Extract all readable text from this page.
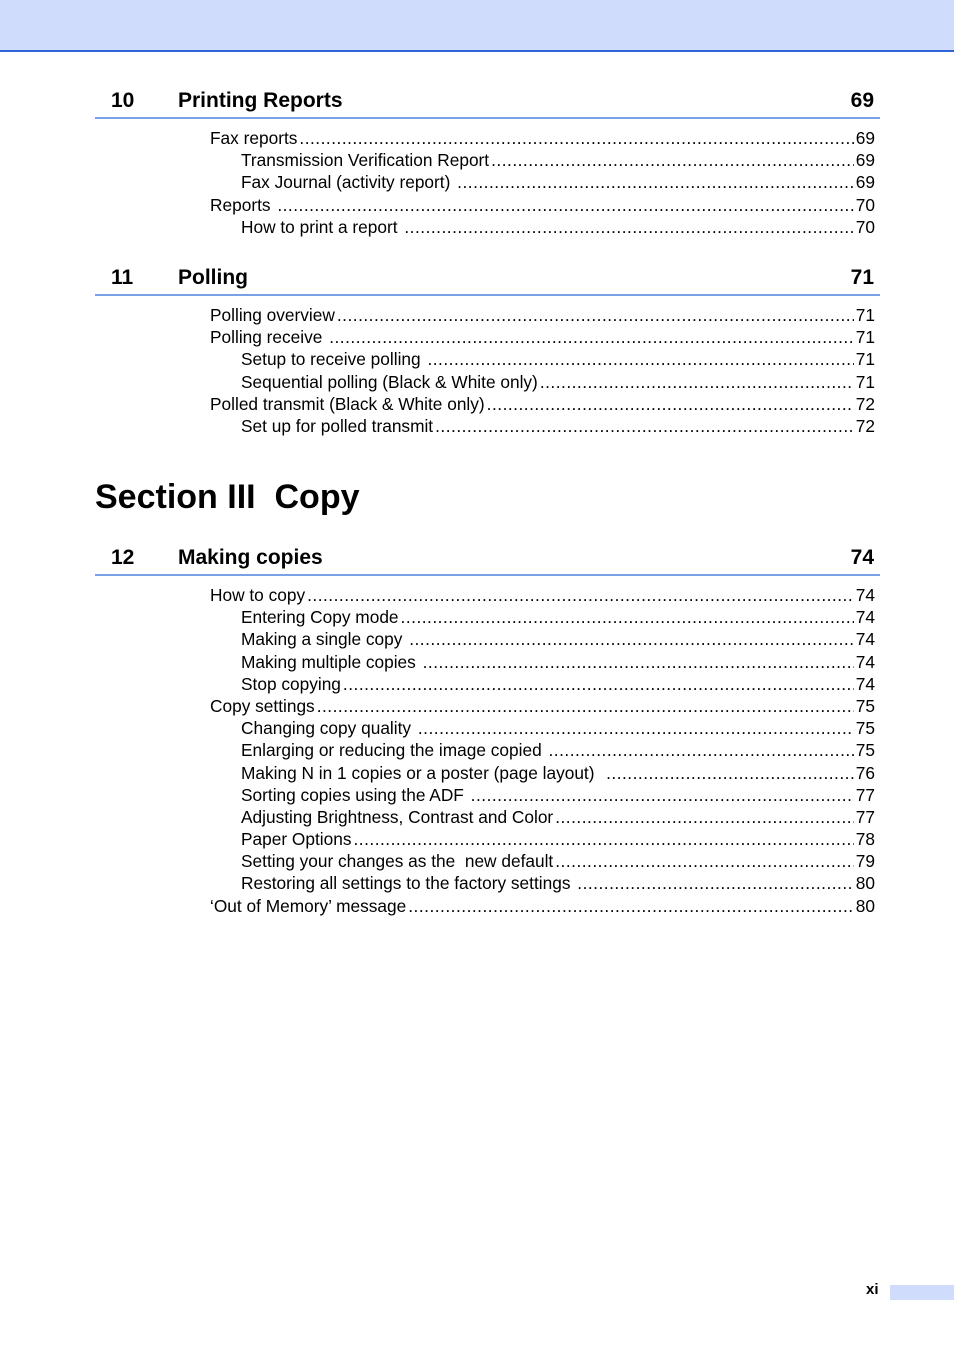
10 Printing Reports	69
Fax reports .....	69
Transmission Verification Report .....	69
Fax Journal (activity report) .....	69
Reports .....	70
How to print a report .....	70
11 Polling	71
Polling overview .....	71
Polling receive .....	71
Setup to receive polling .....	71
Sequential polling (Black & White only) .....	71
Polled transmit (Black & White only) .....	72
Set up for polled transmit .....	72
Section III Copy
12 Making copies	74
How to copy .....	74
Entering Copy mode .....	74
Making a single copy .....	74
Making multiple copies .....	74
Stop copying .....	74
Copy settings .....	75
Changing copy quality .....	75
Enlarging or reducing the image copied .....	75
Making N in 1 copies or a poster (page layout) .....	76
Sorting copies using the ADF .....	77
Adjusting Brightness, Contrast and Color .....	77
Paper Options .....	78
Setting your changes as the  new default .....	79
Restoring all settings to the factory settings .....	80
‘Out of Memory’ message .....	80
xi
